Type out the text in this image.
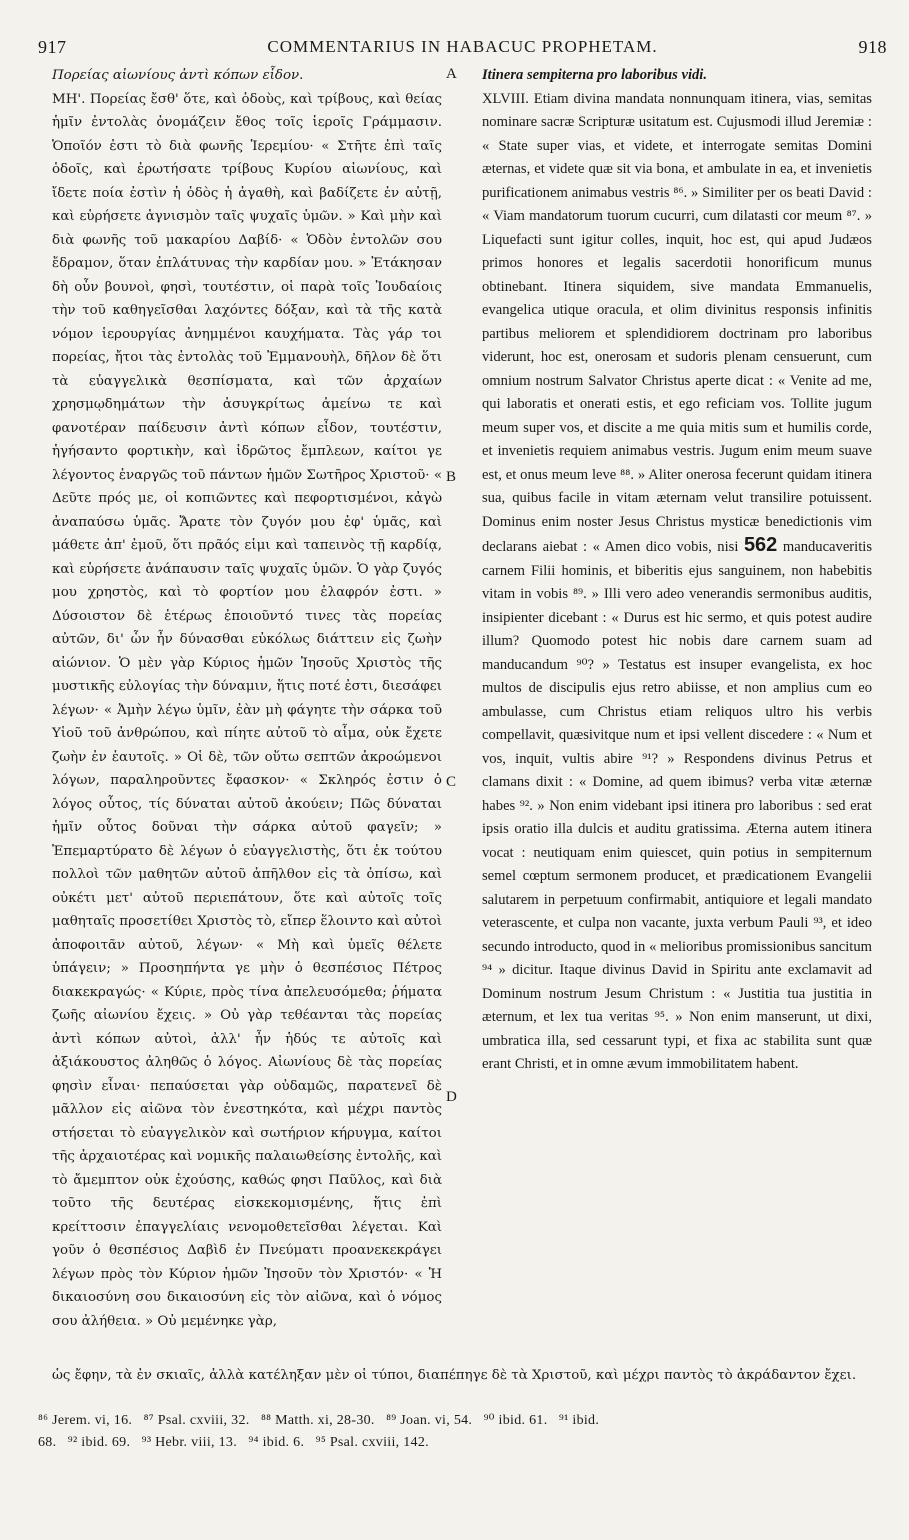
917	COMMENTARIUS IN HABACUC PROPHETAM.	918

Πορείας αἰωνίους ἀντὶ κόπων εἶδον.

ΜΗ'. Πορείας ἔσθ' ὅτε, καὶ ὁδοὺς, καὶ τρίβους, καὶ θείας ἡμῖν ἐντολὰς ὀνομάζειν ἔθος τοῖς ἱεροῖς Γράμμασιν. Ὁποῖόν ἐστι τὸ διὰ φωνῆς Ἱερεμίου· « Στῆτε ἐπὶ ταῖς ὁδοῖς, καὶ ἐρωτήσατε τρίβους Κυρίου αἰωνίους, καὶ ἴδετε ποία ἐστὶν ἡ ὁδὸς ἡ ἀγαθὴ, καὶ βαδίζετε ἐν αὐτῇ, καὶ εὑρήσετε ἁγνισμὸν ταῖς ψυχαῖς ὑμῶν. » Καὶ μὴν καὶ διὰ φωνῆς τοῦ μακαρίου Δαβίδ· « Ὁδὸν ἐντολῶν σου ἔδραμον, ὅταν ἐπλάτυνας τὴν καρδίαν μου. » Ἐτάκησαν δὴ οὖν βουνοὶ, φησὶ, τουτέστιν, οἱ παρὰ τοῖς Ἰουδαίοις τὴν τοῦ καθηγεῖσθαι λαχόντες δόξαν, καὶ τὰ τῆς κατὰ νόμον ἱερουργίας ἀνημμένοι καυχήματα. Τὰς γάρ τοι πορείας, ἤτοι τὰς ἐντολὰς τοῦ Ἐμμανουὴλ, δῆλον δὲ ὅτι τὰ εὐαγγελικὰ θεσπίσματα, καὶ τῶν ἀρχαίων χρησμῳδημάτων τὴν ἀσυγκρίτως ἀμείνω τε καὶ φανοτέραν παίδευσιν ἀντὶ κόπων εἶδον, τουτέστιν, ἡγήσαντο φορτικὴν, καὶ ἱδρῶτος ἔμπλεων, καίτοι γε λέγοντος ἐναργῶς τοῦ πάντων ἡμῶν Σωτῆρος Χριστοῦ· « Δεῦτε πρός με, οἱ κοπιῶντες καὶ πεφορτισμένοι, κἀγὼ ἀναπαύσω ὑμᾶς. Ἄρατε τὸν ζυγόν μου ἐφ' ὑμᾶς, καὶ μάθετε ἀπ' ἐμοῦ, ὅτι πρᾶός εἰμι καὶ ταπεινὸς τῇ καρδίᾳ, καὶ εὑρήσετε ἀνάπαυσιν ταῖς ψυχαῖς ὑμῶν. Ὁ γὰρ ζυγός μου χρηστὸς, καὶ τὸ φορτίον μου ἐλαφρόν ἐστι. » Δύσοιστον δὲ ἑτέρως ἐποιοῦντό τινες τὰς πορείας αὐτῶν, δι' ὧν ἦν δύνασθαι εὐκόλως διάττειν εἰς ζωὴν αἰώνιον. Ὁ μὲν γὰρ Κύριος ἡμῶν Ἰησοῦς Χριστὸς τῆς μυστικῆς εὐλογίας τὴν δύναμιν, ἥτις ποτέ ἐστι, διεσάφει λέγων· « Ἀμὴν λέγω ὑμῖν, ἐὰν μὴ φάγητε τὴν σάρκα τοῦ Υἱοῦ τοῦ ἀνθρώπου, καὶ πίητε αὐτοῦ τὸ αἷμα, οὐκ ἔχετε ζωὴν ἐν ἑαυτοῖς. » Οἱ δὲ, τῶν οὕτω σεπτῶν ἀκροώμενοι λόγων, παραληροῦντες ἔφασκον· « Σκληρός ἐστιν ὁ λόγος οὗτος, τίς δύναται αὐτοῦ ἀκούειν; Πῶς δύναται ἡμῖν οὗτος δοῦναι τὴν σάρκα αὐτοῦ φαγεῖν; » Ἐπεμαρτύρατο δὲ λέγων ὁ εὐαγγελιστὴς, ὅτι ἐκ τούτου πολλοὶ τῶν μαθητῶν αὐτοῦ ἀπῆλθον εἰς τὰ ὀπίσω, καὶ οὐκέτι μετ' αὐτοῦ περιεπάτουν, ὅτε καὶ αὐτοῖς τοῖς μαθηταῖς προσετίθει Χριστὸς τὸ, εἴπερ ἕλοιντο καὶ αὐτοὶ ἀποφοιτᾶν αὐτοῦ, λέγων· « Μὴ καὶ ὑμεῖς θέλετε ὑπάγειν; » Προσηπήντα γε μὴν ὁ θεσπέσιος Πέτρος διακεκραγώς· « Κύριε, πρὸς τίνα ἀπελευσόμεθα; ῥήματα ζωῆς αἰωνίου ἔχεις. » Οὐ γὰρ τεθέανται τὰς πορείας ἀντὶ κόπων αὐτοὶ, ἀλλ' ἦν ἡδύς τε αὐτοῖς καὶ ἀξιάκουστος ἀληθῶς ὁ λόγος. Αἰωνίους δὲ τὰς πορείας φησὶν εἶναι· πεπαύσεται γὰρ οὐδαμῶς, παρατενεῖ δὲ μᾶλλον εἰς αἰῶνα τὸν ἐνεστηκότα, καὶ μέχρι παντὸς στήσεται τὸ εὐαγγελικὸν καὶ σωτήριον κήρυγμα, καίτοι τῆς ἀρχαιοτέρας καὶ νομικῆς παλαιωθείσης ἐντολῆς, καὶ τὸ ἄμεμπτον οὐκ ἐχούσης, καθώς φησι Παῦλος, καὶ διὰ τοῦτο τῆς δευτέρας εἰσκεκομισμένης, ἥτις ἐπὶ κρείττοσιν ἐπαγγελίαις νενομοθετεῖσθαι λέγεται. Καὶ γοῦν ὁ θεσπέσιος Δαβὶδ ἐν Πνεύματι προανεκεκράγει λέγων πρὸς τὸν Κύριον ἡμῶν Ἰησοῦν τὸν Χριστόν· « Ἡ δικαιοσύνη σου δικαιοσύνη εἰς τὸν αἰῶνα, καὶ ὁ νόμος σου ἀλήθεια. » Οὐ μεμένηκε γὰρ,

A
B
C
D

Itinera sempiterna pro laboribus vidi.

XLVIII. Etiam divina mandata nonnunquam itinera, vias, semitas nominare sacræ Scripturæ usitatum est. Cujusmodi illud Jeremiæ : « State super vias, et videte, et interrogate semitas Domini æternas, et videte quæ sit via bona, et ambulate in ea, et invenietis purificationem animabus vestris ⁸⁶. » Similiter per os beati David : « Viam mandatorum tuorum cucurri, cum dilatasti cor meum ⁸⁷. » Liquefacti sunt igitur colles, inquit, hoc est, qui apud Judæos primos honores et legalis sacerdotii honorificum munus obtinebant. Itinera siquidem, sive mandata Emmanuelis, evangelica utique oracula, et olim divinitus responsis infinitis partibus meliorem et splendidiorem doctrinam pro laboribus viderunt, hoc est, onerosam et sudoris plenam censuerunt, cum omnium nostrum Salvator Christus aperte dicat : « Venite ad me, qui laboratis et onerati estis, et ego reficiam vos. Tollite jugum meum super vos, et discite a me quia mitis sum et humilis corde, et invenietis requiem animabus vestris. Jugum enim meum suave est, et onus meum leve ⁸⁸. » Aliter onerosa fecerunt quidam itinera sua, quibus facile in vitam æternam velut transilire potuissent. Dominus enim noster Jesus Christus mysticæ benedictionis vim declarans aiebat : « Amen dico vobis, nisi 562 manducaveritis carnem Filii hominis, et biberitis ejus sanguinem, non habebitis vitam in vobis ⁸⁹. » Illi vero adeo venerandis sermonibus auditis, insipienter dicebant : « Durus est hic sermo, et quis potest audire illum? Quomodo potest hic nobis dare carnem suam ad manducandum ⁹⁰? » Testatus est insuper evangelista, ex hoc multos de discipulis ejus retro abiisse, et non amplius cum eo ambulasse, cum Christus etiam reliquos ultro his verbis compellavit, quæsivitque num et ipsi vellent discedere : « Num et vos, inquit, vultis abire ⁹¹? » Respondens divinus Petrus et clamans dixit : « Domine, ad quem ibimus? verba vitæ æternæ habes ⁹². » Non enim videbant ipsi itinera pro laboribus : sed erat ipsis oratio illa dulcis et auditu gratissima. Æterna autem itinera vocat : neutiquam enim quiescet, quin potius in sempiternum semel cœptum sermonem producet, et prædicationem Evangelii salutarem in perpetuum confirmabit, antiquiore et legali mandato veterascente, et culpa non vacante, juxta verbum Pauli ⁹³, et ideo secundo introducto, quod in « melioribus promissionibus sancitum ⁹⁴ » dicitur. Itaque divinus David in Spiritu ante exclamavit ad Dominum nostrum Jesum Christum : « Justitia tua justitia in æternum, et lex tua veritas ⁹⁵. » Non enim manserunt, ut dixi, umbratica illa, sed cessarunt typi, et fixa ac stabilita sunt quæ erant Christi, et in omne ævum immobilitatem habent.

ὡς ἔφην, τὰ ἐν σκιαῖς, ἀλλὰ κατέληξαν μὲν οἱ τύποι, διαπέπηγε δὲ τὰ Χριστοῦ, καὶ μέχρι παντὸς τὸ ἀκράδαντον ἔχει.

⁸⁶ Jerem. vi, 16.   ⁸⁷ Psal. cxviii, 32.   ⁸⁸ Matth. xi, 28-30.   ⁸⁹ Joan. vi, 54.   ⁹⁰ ibid. 61.   ⁹¹ ibid.

68.   ⁹² ibid. 69.   ⁹³ Hebr. viii, 13.   ⁹⁴ ibid. 6.   ⁹⁵ Psal. cxviii, 142.
